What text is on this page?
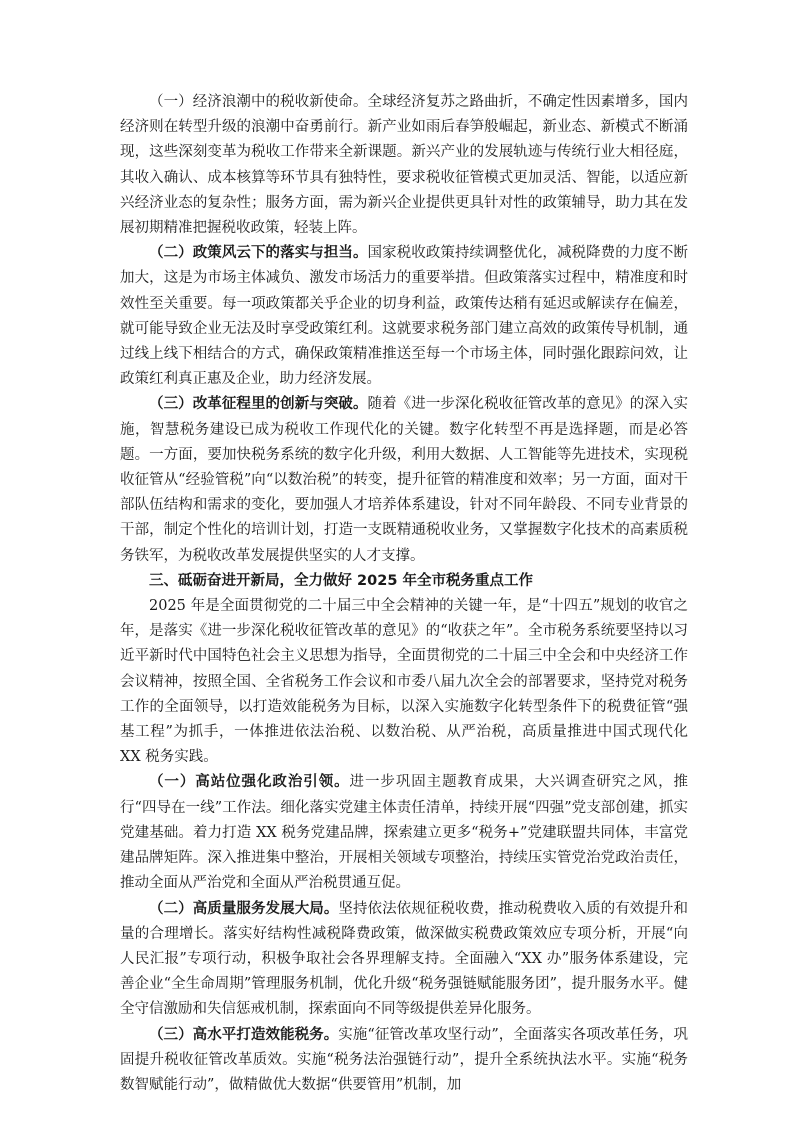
（一）经济浪潮中的税收新使命。全球经济复苏之路曲折，不确定性因素增多，国内经济则在转型升级的浪潮中奋勇前行。新产业如雨后春笋般崛起，新业态、新模式不断涌现，这些深刻变革为税收工作带来全新课题。新兴产业的发展轨迹与传统行业大相径庭，其收入确认、成本核算等环节具有独特性，要求税收征管模式更加灵活、智能，以适应新兴经济业态的复杂性；服务方面，需为新兴企业提供更具针对性的政策辅导，助力其在发展初期精准把握税收政策，轻装上阵。

（二）政策风云下的落实与担当。国家税收政策持续调整优化，减税降费的力度不断加大，这是为市场主体减负、激发市场活力的重要举措。但政策落实过程中，精准度和时效性至关重要。每一项政策都关乎企业的切身利益，政策传达稍有延迟或解读存在偏差，就可能导致企业无法及时享受政策红利。这就要求税务部门建立高效的政策传导机制，通过线上线下相结合的方式，确保政策精准推送至每一个市场主体，同时强化跟踪问效，让政策红利真正惠及企业，助力经济发展。

（三）改革征程里的创新与突破。随着《进一步深化税收征管改革的意见》的深入实施，智慧税务建设已成为税收工作现代化的关键。数字化转型不再是选择题，而是必答题。一方面，要加快税务系统的数字化升级，利用大数据、人工智能等先进技术，实现税收征管从“经验管税”向“以数治税”的转变，提升征管的精准度和效率；另一方面，面对干部队伍结构和需求的变化，要加强人才培养体系建设，针对不同年龄段、不同专业背景的干部，制定个性化的培训计划，打造一支既精通税收业务，又掌握数字化技术的高素质税务铁军，为税收改革发展提供坚实的人才支撑。

三、砥砺奋进开新局，全力做好 2025 年全市税务重点工作

2025 年是全面贯彻党的二十届三中全会精神的关键一年，是“十四五”规划的收官之年，是落实《进一步深化税收征管改革的意见》的“收获之年”。全市税务系统要坚持以习近平新时代中国特色社会主义思想为指导，全面贯彻党的二十届三中全会和中央经济工作会议精神，按照全国、全省税务工作会议和市委八届九次全会的部署要求，坚持党对税务工作的全面领导，以打造效能税务为目标，以深入实施数字化转型条件下的税费征管“强基工程”为抓手，一体推进依法治税、以数治税、从严治税，高质量推进中国式现代化 XX 税务实践。

（一）高站位强化政治引领。进一步巩固主题教育成果，大兴调查研究之风，推行“四导在一线”工作法。细化落实党建主体责任清单，持续开展“四强”党支部创建，抓实党建基础。着力打造 XX 税务党建品牌，探索建立更多“税务+”党建联盟共同体，丰富党建品牌矩阵。深入推进集中整治，开展相关领域专项整治，持续压实管党治党政治责任，推动全面从严治党和全面从严治税贯通互促。

（二）高质量服务发展大局。坚持依法依规征税收费，推动税费收入质的有效提升和量的合理增长。落实好结构性减税降费政策，做深做实税费政策效应专项分析，开展“向人民汇报”专项行动，积极争取社会各界理解支持。全面融入“XX 办”服务体系建设，完善企业“全生命周期”管理服务机制，优化升级“税务强链赋能服务团”，提升服务水平。健全守信激励和失信惩戒机制，探索面向不同等级提供差异化服务。

（三）高水平打造效能税务。实施“征管改革攻坚行动”，全面落实各项改革任务，巩固提升税收征管改革质效。实施“税务法治强链行动”，提升全系统执法水平。实施“税务数智赋能行动”，做精做优大数据“供要管用”机制，加
